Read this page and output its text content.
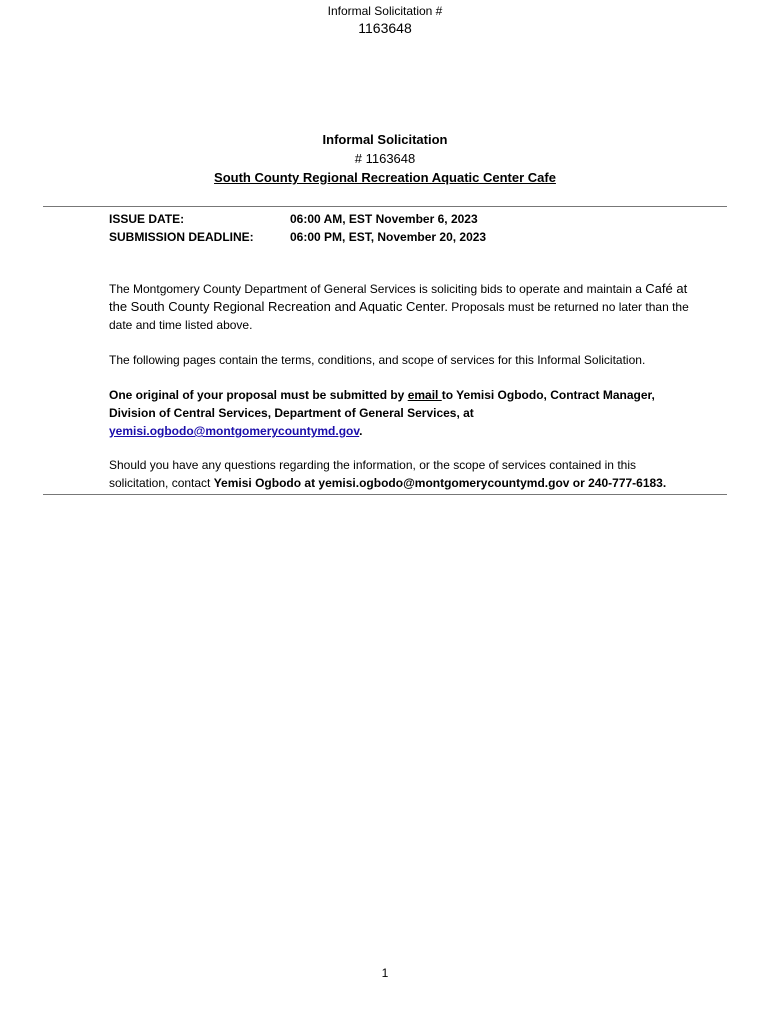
Informal Solicitation #
1163648
Informal Solicitation
# 1163648
South County Regional Recreation Aquatic Center Cafe
ISSUE DATE:	06:00 AM, EST November 6, 2023
SUBMISSION DEADLINE:	06:00 PM, EST, November 20, 2023
The Montgomery County Department of General Services is soliciting bids to operate and maintain a Café at the South County Regional Recreation and Aquatic Center. Proposals must be returned no later than the date and time listed above.
The following pages contain the terms, conditions, and scope of services for this Informal Solicitation.
One original of your proposal must be submitted by email to Yemisi Ogbodo, Contract Manager, Division of Central Services, Department of General Services, at yemisi.ogbodo@montgomerycountymd.gov.
Should you have any questions regarding the information, or the scope of services contained in this solicitation, contact Yemisi Ogbodo at yemisi.ogbodo@montgomerycountymd.gov or 240-777-6183.
1
